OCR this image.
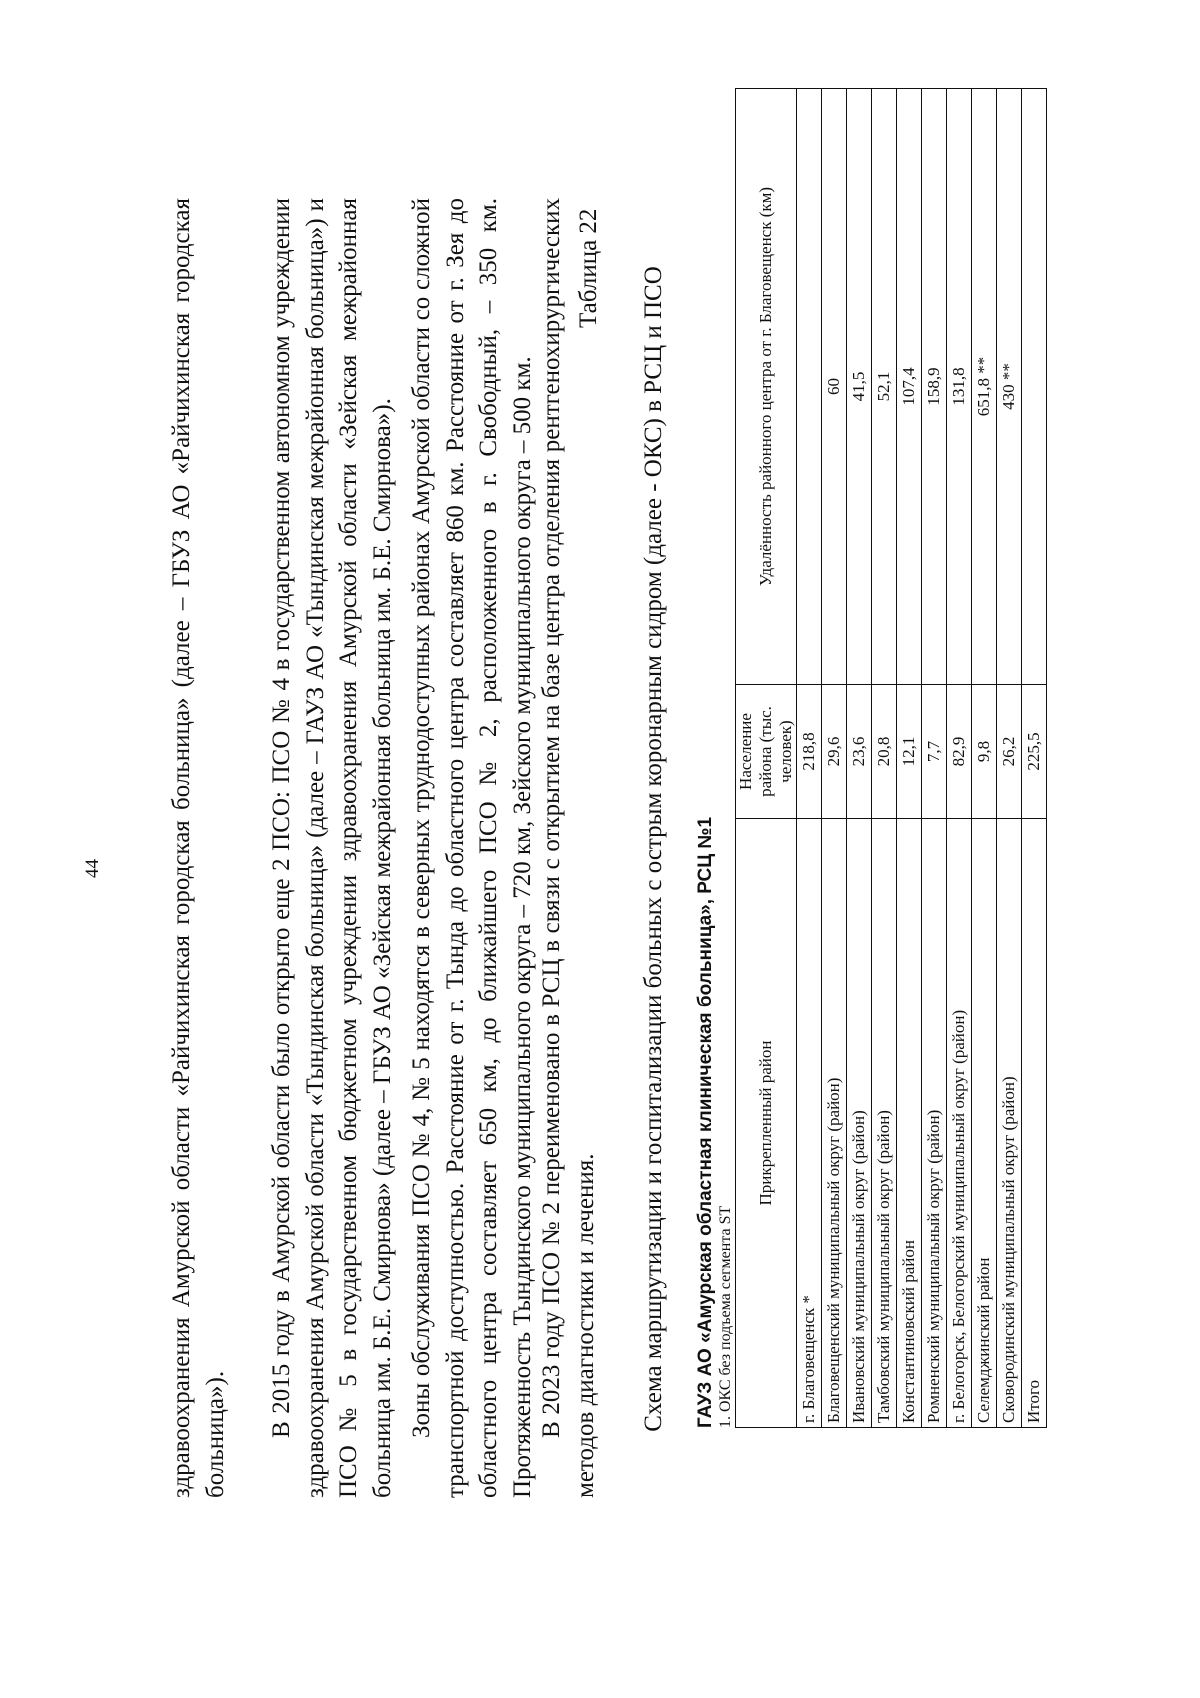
44	здравоохранения Амурской области «Райчихинская городская больница» (далее – ГБУЗ АО «Райчихинская городская больница»). В 2015 году в Амурской области было открыто еще 2 ПСО: ПСО № 4 в государственном автономном учреждении здравоохранения Амурской области «Тындинская больница» (далее – ГАУЗ АО «Тындинская межрайонная больница») и ПСО № 5 в государственном бюджетном учреждении здравоохранения Амурской области «Зейская межрайонная больница им. Б.Е. Смирнова» (далее – ГБУЗ АО «Зейская межрайонная больница им. Б.Е. Смирнова»). Зоны обслуживания ПСО № 4, № 5 находятся в северных труднодоступных районах Амурской области со сложной транспортной доступностью. Расстояние от г. Тында до областного центра составляет 860 км. Расстояние от г. Зея до областного центра составляет 650 км, до ближайшего ПСО № 2, расположенного в г. Свободный, – 350 км. Протяженность Тындинского муниципального округа – 720 км, Зейского муниципального округа – 500 км. В 2023 году ПСО № 2 переименовано в РСЦ в связи с открытием на базе центра отделения рентгенохирургических методов диагностики и лечения.

Таблица 22 Схема маршрутизации и госпитализации больных с острым коронарным сидром (далее - ОКС) в РСЦ и ПСО ГАУЗ АО «Амурская областная клиническая больница», РСЦ №1 1. ОКС без подъема сегмента ST
Прикрепленный район	Население района (тыс. человек)	Удалённость районного центра от г. Благовещенск (км)
г. Благовещенск *	218,8	
Благовещенский муниципальный округ (район)	29,6	60
Ивановский муниципальный округ (район)	23,6	41,5
Тамбовский муниципальный округ (район)	20,8	52,1
Константиновский район	12,1	107,4
Ромненский муниципальный округ (район)	7,7	158,9
г. Белогорск, Белогорский муниципальный округ (район)	82,9	131,8
Селемджинский район	9,8	651,8 **
Сковородинский муниципальный округ (район)	26,2	430 **
Итого	225,5	
